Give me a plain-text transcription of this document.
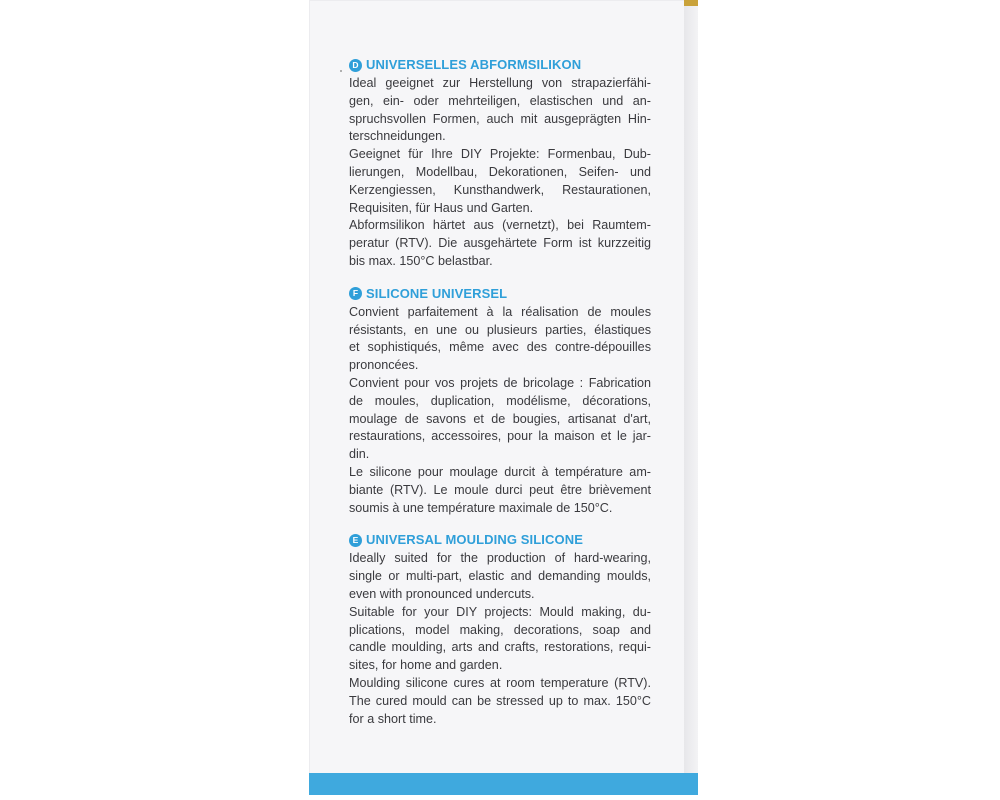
D UNIVERSELLES ABFORMSILIKON

Ideal geeignet zur Herstellung von strapazierfähi-
gen, ein- oder mehrteiligen, elastischen und an-
spruchsvollen Formen, auch mit ausgeprägten Hin-
terschneidungen.

Geeignet für Ihre DIY Projekte: Formenbau, Dub-
lierungen, Modellbau, Dekorationen, Seifen- und
Kerzengiessen, Kunsthandwerk, Restaurationen,
Requisiten, für Haus und Garten.

Abformsilikon härtet aus (vernetzt), bei Raumtem-
peratur (RTV). Die ausgehärtete Form ist kurzzeitig
bis max. 150°C belastbar.

F SILICONE UNIVERSEL

Convient parfaitement à la réalisation de moules
résistants, en une ou plusieurs parties, élastiques
et sophistiqués, même avec des contre-dépouilles
prononcées.

Convient pour vos projets de bricolage : Fabrication
de moules, duplication, modélisme, décorations,
moulage de savons et de bougies, artisanat d'art,
restaurations, accessoires, pour la maison et le jar-
din.

Le silicone pour moulage durcit à température am-
biante (RTV). Le moule durci peut être brièvement
soumis à une température maximale de 150°C.

E UNIVERSAL MOULDING SILICONE

Ideally suited for the production of hard-wearing,
single or multi-part, elastic and demanding moulds,
even with pronounced undercuts.

Suitable for your DIY projects: Mould making, du-
plications, model making, decorations, soap and
candle moulding, arts and crafts, restorations, requi-
sites, for home and garden.

Moulding silicone cures at room temperature (RTV).
The cured mould can be stressed up to max. 150°C
for a short time.
